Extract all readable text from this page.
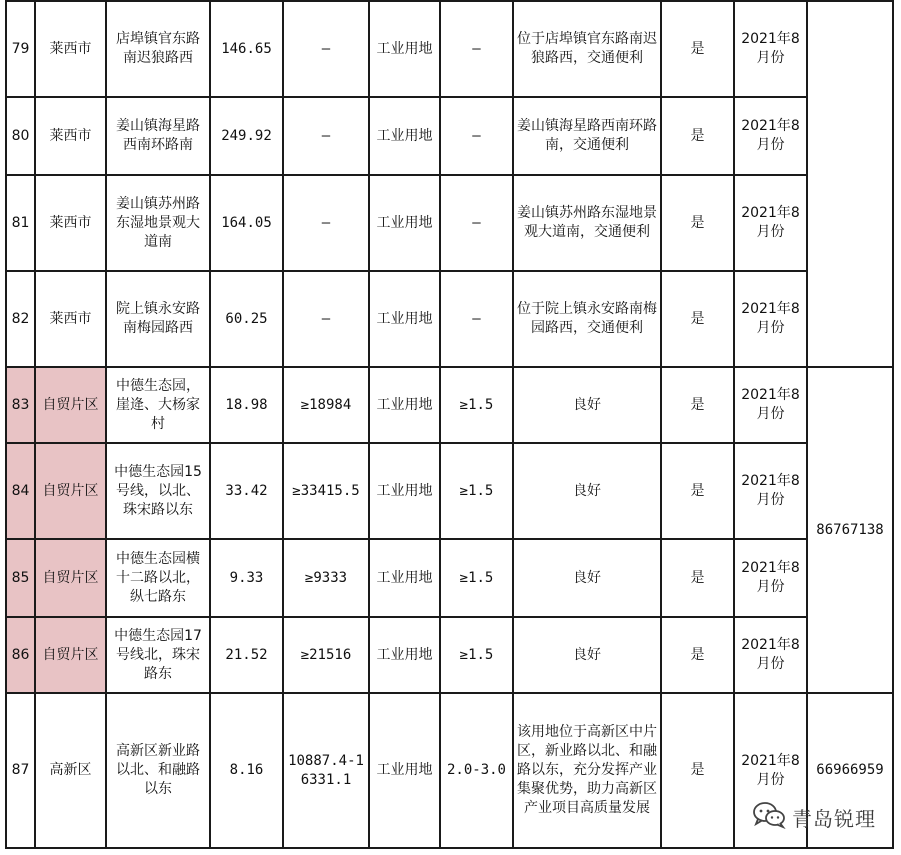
79	莱西市	店埠镇官东路南迟狼路西	146.65	—	工业用地	—	位于店埠镇官东路南迟狼路西，交通便利	是	2021年8月份	
80	莱西市	姜山镇海星路西南环路南	249.92	—	工业用地	—	姜山镇海星路西南环路南，交通便利	是	2021年8月份	
81	莱西市	姜山镇苏州路东湿地景观大道南	164.05	—	工业用地	—	姜山镇苏州路东湿地景观大道南，交通便利	是	2021年8月份	
82	莱西市	院上镇永安路南梅园路西	60.25	—	工业用地	—	位于院上镇永安路南梅园路西，交通便利	是	2021年8月份	
83	自贸片区	中德生态园，崖逄、大杨家村	18.98	≥18984	工业用地	≥1.5	良好	是	2021年8月份	86767138
84	自贸片区	中德生态园15号线，以北、珠宋路以东	33.42	≥33415.5	工业用地	≥1.5	良好	是	2021年8月份	
85	自贸片区	中德生态园横十二路以北，纵七路东	9.33	≥9333	工业用地	≥1.5	良好	是	2021年8月份	
86	自贸片区	中德生态园17号线北，珠宋路东	21.52	≥21516	工业用地	≥1.5	良好	是	2021年8月份	
87	高新区	高新区新业路以北、和融路以东	8.16	10887.4-16331.1	工业用地	2.0-3.0	该用地位于高新区中片区，新业路以北、和融路以东，充分发挥产业集聚优势，助力高新区产业项目高质量发展	是	2021年8月份	66966959
青岛锐理
